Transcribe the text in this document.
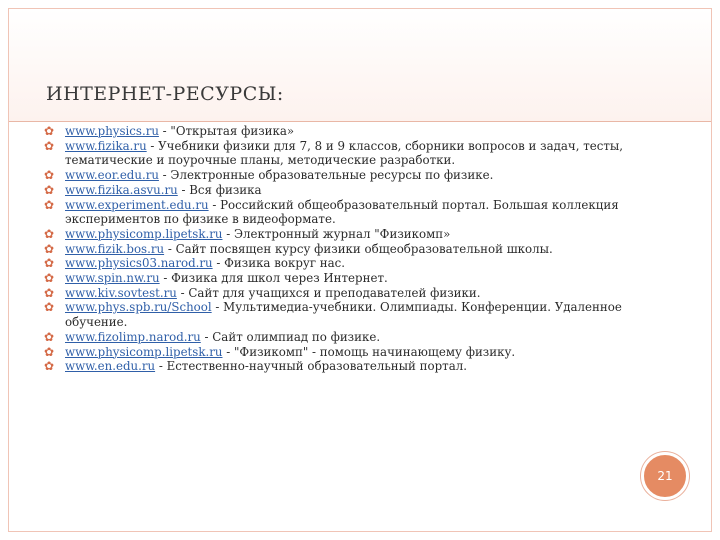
ИНТЕРНЕТ-РЕСУРСЫ:
✿ www.physics.ru - "Открытая физика»
✿ www.fizika.ru - Учебники физики для 7, 8 и 9 классов, сборники вопросов и задач, тесты, тематические и поурочные планы, методические разработки.
✿ www.eor.edu.ru - Электронные образовательные ресурсы по физике.
✿ www.fizika.asvu.ru - Вся физика
✿ www.experiment.edu.ru - Российский общеобразовательный портал. Большая коллекция экспериментов по физике в видеоформате.
✿ www.physicomp.lipetsk.ru - Электронный журнал "Физикомп»
✿ www.fizik.bos.ru - Сайт посвящен курсу физики общеобразовательной школы.
✿ www.physics03.narod.ru - Физика вокруг нас.
✿ www.spin.nw.ru - Физика для школ через Интернет.
✿ www.kiv.sovtest.ru - Сайт для учащихся и преподавателей физики.
✿ www.phys.spb.ru/School - Мультимедиа-учебники. Олимпиады. Конференции. Удаленное обучение.
✿ www.fizolimp.narod.ru - Сайт олимпиад по физике.
✿ www.physicomp.lipetsk.ru - "Физикомп" - помощь начинающему физику.
✿ www.en.edu.ru - Естественно-научный образовательный портал.
21
